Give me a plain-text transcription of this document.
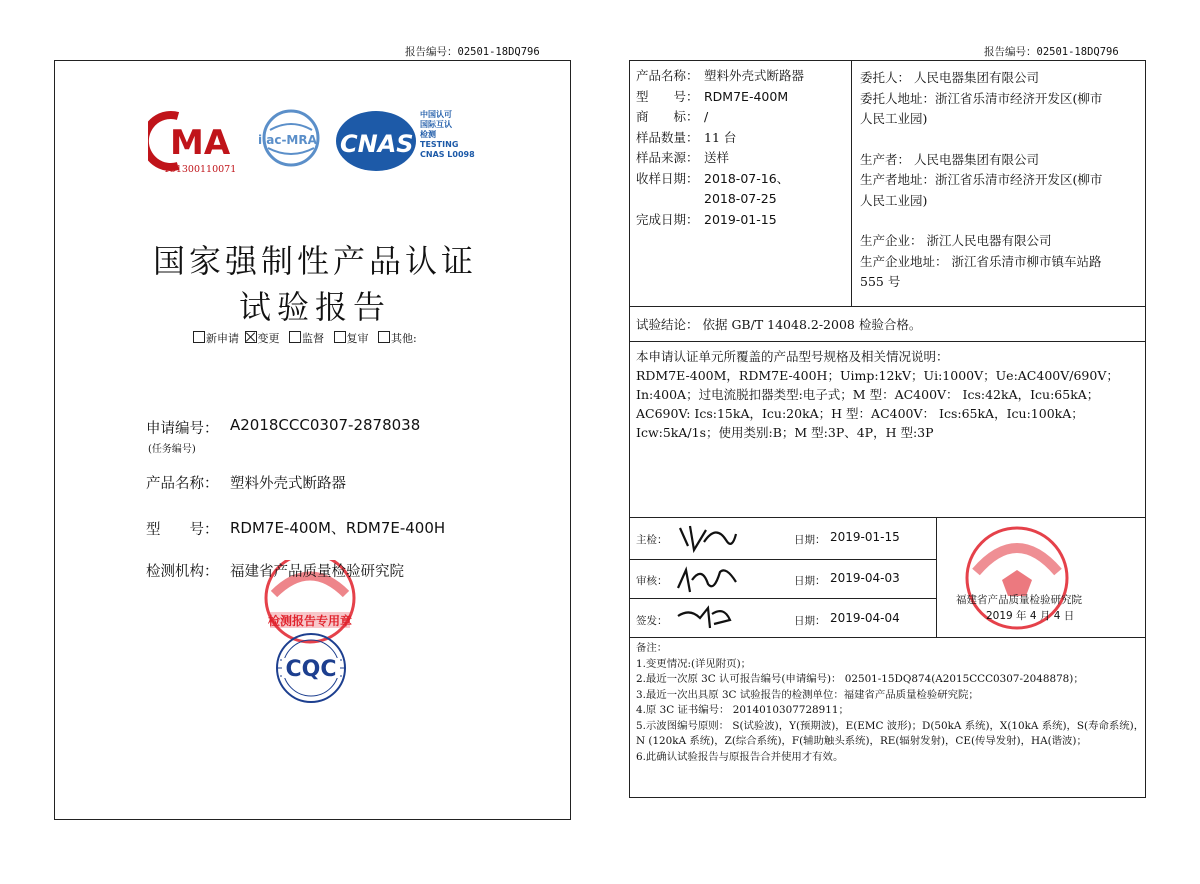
报告编号：02501-18DQ796
MA
151300110071
ilac-MRA CNAS
中国认可
国际互认
检测
TESTING
CNAS L0098
国家强制性产品认证
试验报告
新申请 变更 监督 复审 其他:
申请编号： A2018CCC0307-2878038
(任务编号)
产品名称： 塑料外壳式断路器
型　　号： RDM7E-400M、RDM7E-400H
检测机构： 福建省产品质量检验研究院
检测报告专用章
CQC
报告编号：02501-18DQ796
产品名称： 塑料外壳式断路器
型　　号： RDM7E-400M
商　　标： /
样品数量： 11 台
样品来源： 送样
收样日期： 2018-07-16、
2018-07-25
完成日期： 2019-01-15
委托人： 人民电器集团有限公司
委托人地址：浙江省乐清市经济开发区(柳市
人民工业园)
生产者： 人民电器集团有限公司
生产者地址：浙江省乐清市经济开发区(柳市
人民工业园)
生产企业： 浙江人民电器有限公司
生产企业地址： 浙江省乐清市柳市镇车站路
555 号
试验结论： 依据 GB/T 14048.2-2008 检验合格。
本申请认证单元所覆盖的产品型号规格及相关情况说明：
RDM7E-400M，RDM7E-400H；Uimp:12kV；Ui:1000V；Ue:AC400V/690V；
In:400A；过电流脱扣器类型:电子式；M 型：AC400V： Ics:42kA，Icu:65kA；
AC690V: Ics:15kA，Icu:20kA；H 型：AC400V： Ics:65kA，Icu:100kA；
Icw:5kA/1s；使用类别:B；M 型:3P、4P，H 型:3P
主检：	日期： 2019-01-15
审核：	日期： 2019-04-03
签发：	日期： 2019-04-04
福建省产品质量检验研究院
2019 年 4 月 4 日
备注：
1.变更情况:(详见附页)；
2.最近一次原 3C 认可报告编号(申请编号)： 02501-15DQ874(A2015CCC0307-2048878)；
3.最近一次出具原 3C 试验报告的检测单位：福建省产品质量检验研究院；
4.原 3C 证书编号： 2014010307728911；
5.示波图编号原则： S(试验波)，Y(预期波)，E(EMC 波形)；D(50kA 系统)，X(10kA 系统)，S(寿命系统)，
N (120kA 系统)，Z(综合系统)，F(辅助触头系统)，RE(辐射发射)，CE(传导发射)，HA(谐波)；
6.此确认试验报告与原报告合并使用才有效。
